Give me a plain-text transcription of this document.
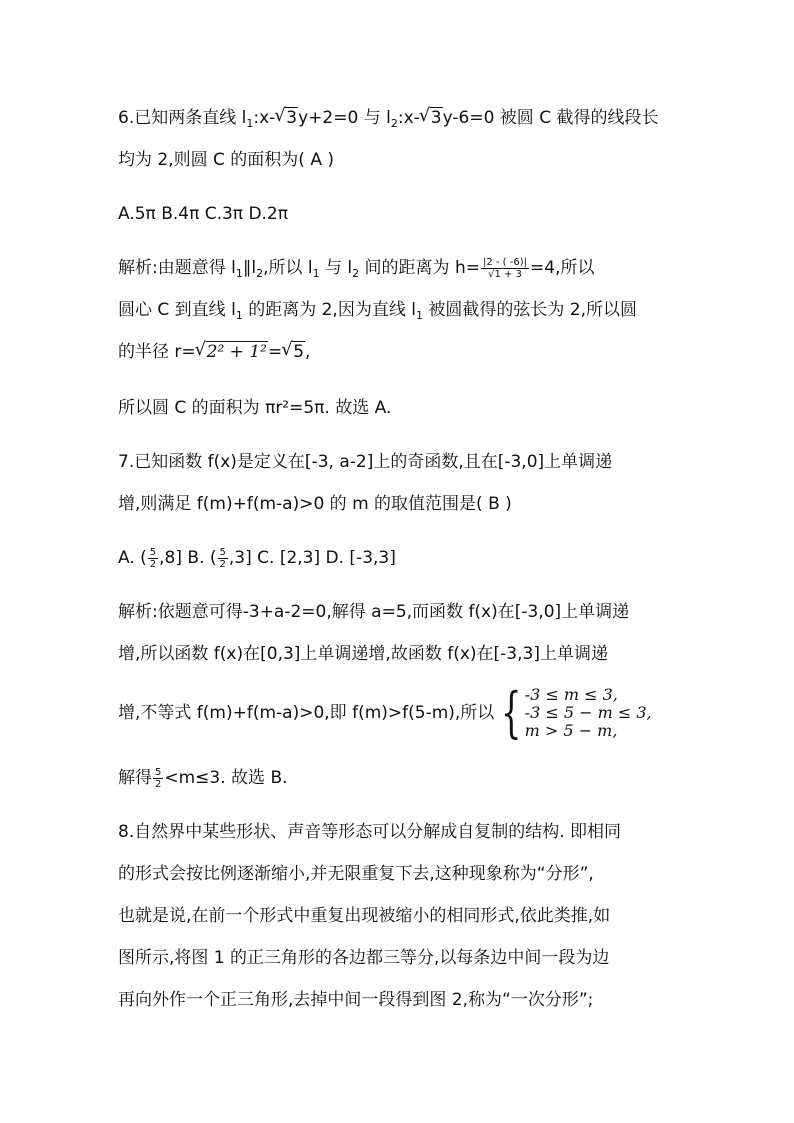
6.已知两条直线 $l_1:x-√$ 3y+2=0 与 $l_2:x-√$ 3y-6=0 被圆 C 截得的线段长
均为 2,则圆 C 的面积为( A )
A.5π B.4π C.3π D.2π
解析:由题意得 $l_1\parallel l_2$,所以 $l_1$ 与 $l_2$ 间的距离为 $h= \frac{|2 - ( -6)|}{√1 + 3} =4$,所以
圆心 C 到直线 $l_1$ 的距离为 2,因为直线 $l_1$ 被圆截得的弦长为 2,所以圆
的半径 r=√ 2² + 1²=√ 5,
所以圆 C 的面积为 πr²=5π. 故选 A.
7.已知函数 f(x)是定义在[-3, a-2]上的奇函数,且在[-3,0]上单调递
增,则满足 f(m)+f(m-a)>0 的 m 的取值范围是( B )
A. ( $\frac{5}{2} ,8$] B. ( $\frac{5}{2} ,3$] C. [2,3] D. [-3,3]
解析:依题意可得-3+a-2=0,解得 a=5,而函数 f(x)在[-3,0]上单调递
增,所以函数 f(x)在[0,3]上单调递增,故函数 f(x)在[-3,3]上单调递
增,不等式 f(m)+f(m-a)>0,即 f(m)>f(5-m),所以 { -3 ≤ m ≤ 3,
-3 ≤ 5 − m ≤ 3,
m > 5 − m,
解得 $\frac{5}{2} <m\le 3$. 故选 B.
8.自然界中某些形状、声音等形态可以分解成自复制的结构. 即相同
的形式会按比例逐渐缩小,并无限重复下去,这种现象称为“分形”,
也就是说,在前一个形式中重复出现被缩小的相同形式,依此类推,如
图所示,将图 1 的正三角形的各边都三等分,以每条边中间一段为边
再向外作一个正三角形,去掉中间一段得到图 2,称为“一次分形”;
